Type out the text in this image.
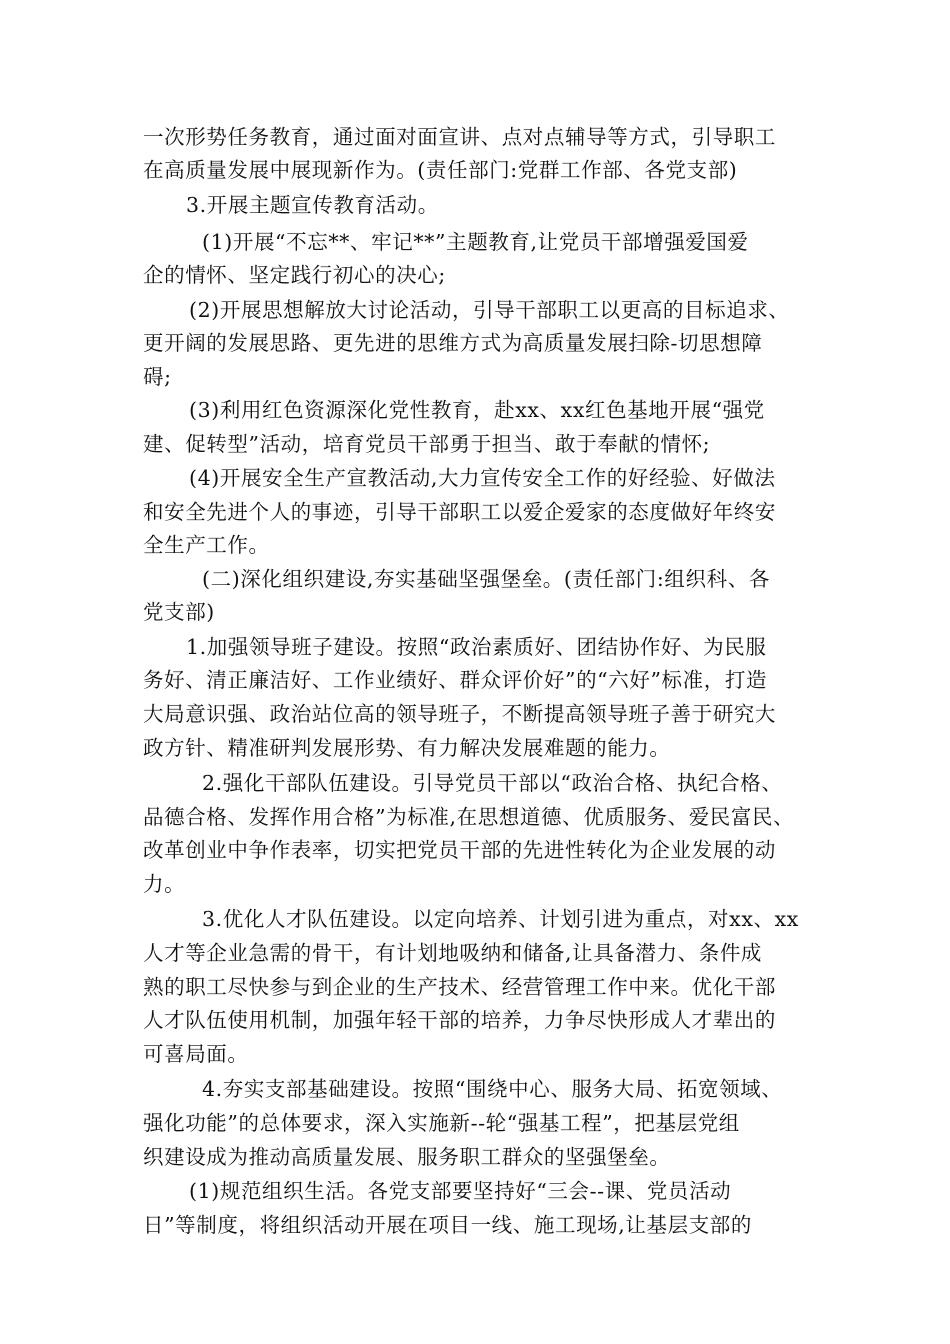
一次形势任务教育，通过面对面宣讲、点对点辅导等方式，引导职工
在高质量发展中展现新作为。(责任部门:党群工作部、各党支部)
3.开展主题宣传教育活动。
(1)开展“不忘**、牢记**”主题教育,让党员干部增强爱国爱
企的情怀、坚定践行初心的决心;
(2)开展思想解放大讨论活动，引导干部职工以更高的目标追求、
更开阔的发展思路、更先进的思维方式为高质量发展扫除-切思想障
碍;
(3)利用红色资源深化党性教育，赴xx、xx红色基地开展“强党
建、促转型”活动，培育党员干部勇于担当、敢于奉献的情怀;
(4)开展安全生产宣教活动,大力宣传安全工作的好经验、好做法
和安全先进个人的事迹，引导干部职工以爱企爱家的态度做好年终安
全生产工作。
(二)深化组织建设,夯实基础坚强堡垒。(责任部门:组织科、各
党支部)
1.加强领导班子建设。按照“政治素质好、团结协作好、为民服
务好、清正廉洁好、工作业绩好、群众评价好”的“六好”标准，打造
大局意识强、政治站位高的领导班子，不断提高领导班子善于研究大
政方针、精准研判发展形势、有力解决发展难题的能力。
2.强化干部队伍建设。引导党员干部以“政治合格、执纪合格、
品德合格、发挥作用合格”为标准,在思想道德、优质服务、爱民富民、
改革创业中争作表率，切实把党员干部的先进性转化为企业发展的动
力。
3.优化人才队伍建设。以定向培养、计划引进为重点，对xx、xx
人才等企业急需的骨干，有计划地吸纳和储备,让具备潜力、条件成
熟的职工尽快参与到企业的生产技术、经营管理工作中来。优化干部
人才队伍使用机制，加强年轻干部的培养，力争尽快形成人才辈出的
可喜局面。
4.夯实支部基础建设。按照“围绕中心、服务大局、拓宽领域、
强化功能”的总体要求，深入实施新--轮“强基工程”，把基层党组
织建设成为推动高质量发展、服务职工群众的坚强堡垒。
(1)规范组织生活。各党支部要坚持好“三会--课、党员活动
日”等制度，将组织活动开展在项目一线、施工现场,让基层支部的
